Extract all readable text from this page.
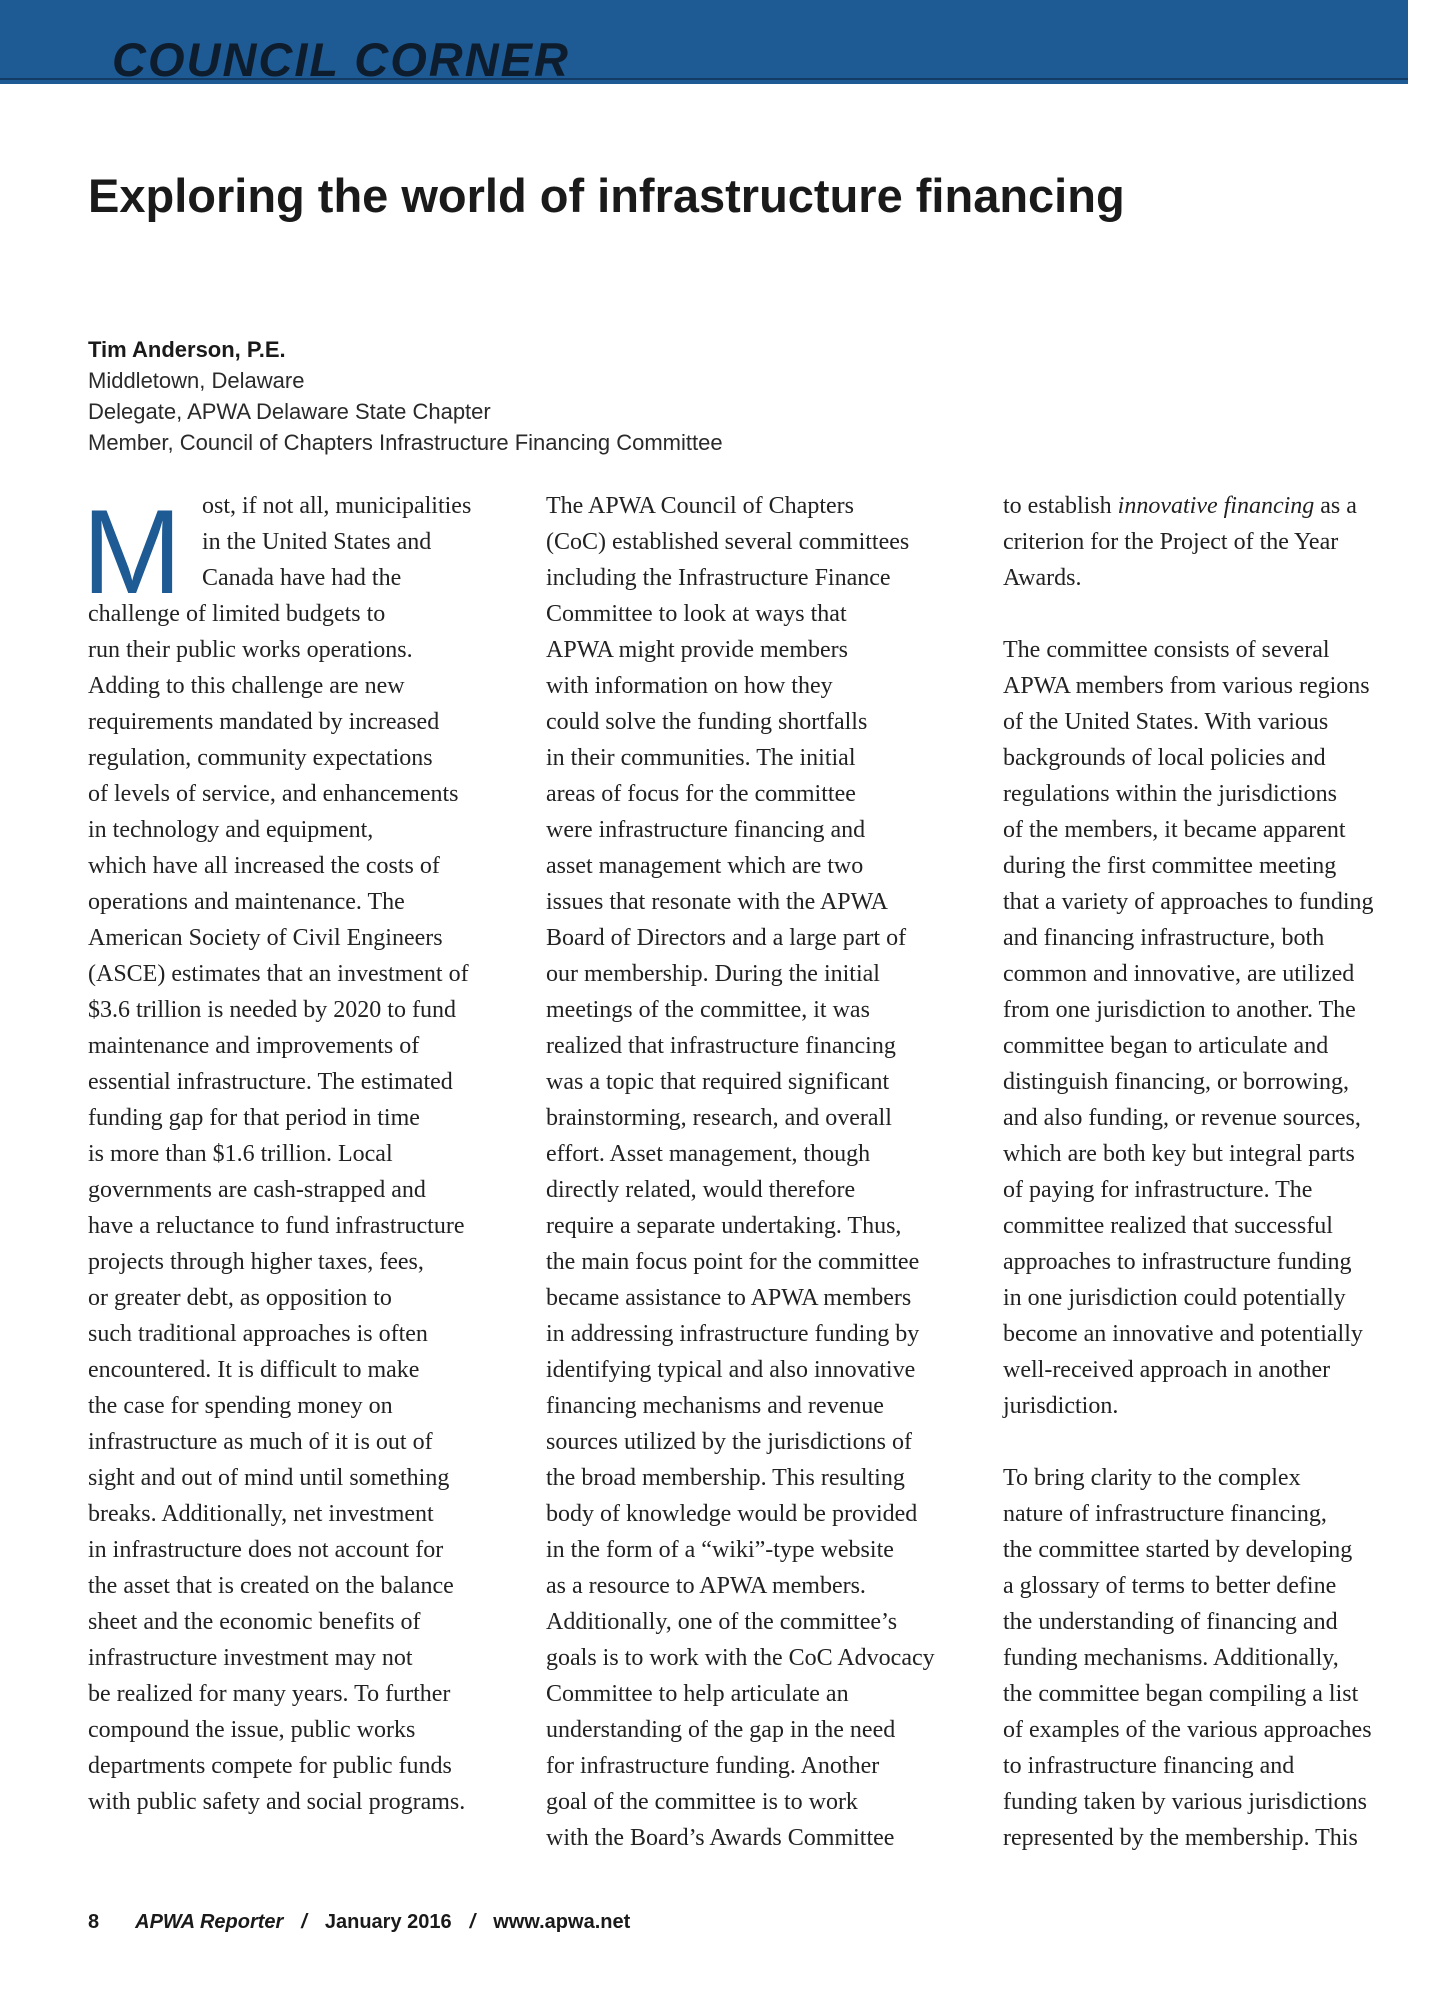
COUNCIL CORNER
Exploring the world of infrastructure financing
Tim Anderson, P.E.
Middletown, Delaware
Delegate, APWA Delaware State Chapter
Member, Council of Chapters Infrastructure Financing Committee
M ost, if not all, municipalities

in the United States and

Canada have had the

challenge of limited budgets to

run their public works operations.

Adding to this challenge are new

requirements mandated by increased

regulation, community expectations

of levels of service, and enhancements

in technology and equipment,

which have all increased the costs of

operations and maintenance. The

American Society of Civil Engineers

(ASCE) estimates that an investment of

$3.6 trillion is needed by 2020 to fund

maintenance and improvements of

essential infrastructure. The estimated

funding gap for that period in time

is more than $1.6 trillion. Local

governments are cash-strapped and

have a reluctance to fund infrastructure

projects through higher taxes, fees,

or greater debt, as opposition to

such traditional approaches is often

encountered. It is difficult to make

the case for spending money on

infrastructure as much of it is out of

sight and out of mind until something

breaks. Additionally, net investment

in infrastructure does not account for

the asset that is created on the balance

sheet and the economic benefits of

infrastructure investment may not

be realized for many years. To further

compound the issue, public works

departments compete for public funds

with public safety and social programs.

The APWA Council of Chapters

(CoC) established several committees

including the Infrastructure Finance

Committee to look at ways that

APWA might provide members

with information on how they

could solve the funding shortfalls

in their communities. The initial

areas of focus for the committee

were infrastructure financing and

asset management which are two

issues that resonate with the APWA

Board of Directors and a large part of

our membership. During the initial

meetings of the committee, it was

realized that infrastructure financing

was a topic that required significant

brainstorming, research, and overall

effort. Asset management, though

directly related, would therefore

require a separate undertaking. Thus,

the main focus point for the committee

became assistance to APWA members

in addressing infrastructure funding by

identifying typical and also innovative

financing mechanisms and revenue

sources utilized by the jurisdictions of

the broad membership. This resulting

body of knowledge would be provided

in the form of a “wiki”-type website

as a resource to APWA members.

Additionally, one of the committee’s

goals is to work with the CoC Advocacy

Committee to help articulate an

understanding of the gap in the need

for infrastructure funding. Another

goal of the committee is to work

with the Board’s Awards Committee

to establish innovative financing as a

criterion for the Project of the Year

Awards.

The committee consists of several

APWA members from various regions

of the United States. With various

backgrounds of local policies and

regulations within the jurisdictions

of the members, it became apparent

during the first committee meeting

that a variety of approaches to funding

and financing infrastructure, both

common and innovative, are utilized

from one jurisdiction to another. The

committee began to articulate and

distinguish financing, or borrowing,

and also funding, or revenue sources,

which are both key but integral parts

of paying for infrastructure. The

committee realized that successful

approaches to infrastructure funding

in one jurisdiction could potentially

become an innovative and potentially

well-received approach in another

jurisdiction.

To bring clarity to the complex

nature of infrastructure financing,

the committee started by developing

a glossary of terms to better define

the understanding of financing and

funding mechanisms. Additionally,

the committee began compiling a list

of examples of the various approaches

to infrastructure financing and

funding taken by various jurisdictions

represented by the membership. This

8 APWA Reporter / January 2016 / www.apwa.net
